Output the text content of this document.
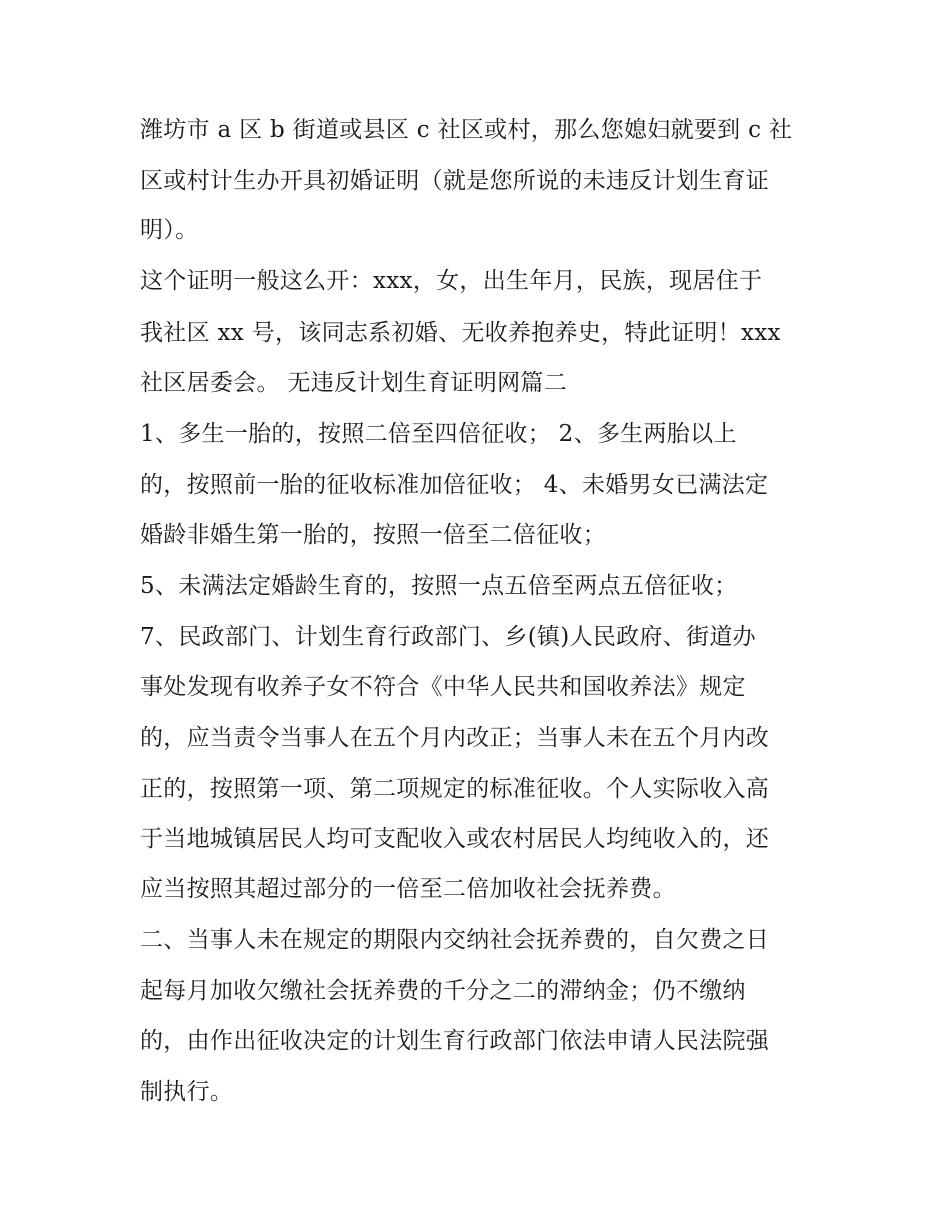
潍坊市 a 区 b 街道或县区 c 社区或村，那么您媳妇就要到 c 社
区或村计生办开具初婚证明（就是您所说的未违反计划生育证
明）。
这个证明一般这么开：xxx，女，出生年月，民族，现居住于
我社区 xx 号，该同志系初婚、无收养抱养史，特此证明！xxx
社区居委会。 无违反计划生育证明网篇二
1、多生一胎的，按照二倍至四倍征收； 2、多生两胎以上
的，按照前一胎的征收标准加倍征收； 4、未婚男女已满法定
婚龄非婚生第一胎的，按照一倍至二倍征收；
5、未满法定婚龄生育的，按照一点五倍至两点五倍征收；
7、民政部门、计划生育行政部门、乡(镇)人民政府、街道办
事处发现有收养子女不符合《中华人民共和国收养法》规定
的，应当责令当事人在五个月内改正；当事人未在五个月内改
正的，按照第一项、第二项规定的标准征收。个人实际收入高
于当地城镇居民人均可支配收入或农村居民人均纯收入的，还
应当按照其超过部分的一倍至二倍加收社会抚养费。
二、当事人未在规定的期限内交纳社会抚养费的，自欠费之日
起每月加收欠缴社会抚养费的千分之二的滞纳金；仍不缴纳
的，由作出征收决定的计划生育行政部门依法申请人民法院强
制执行。
